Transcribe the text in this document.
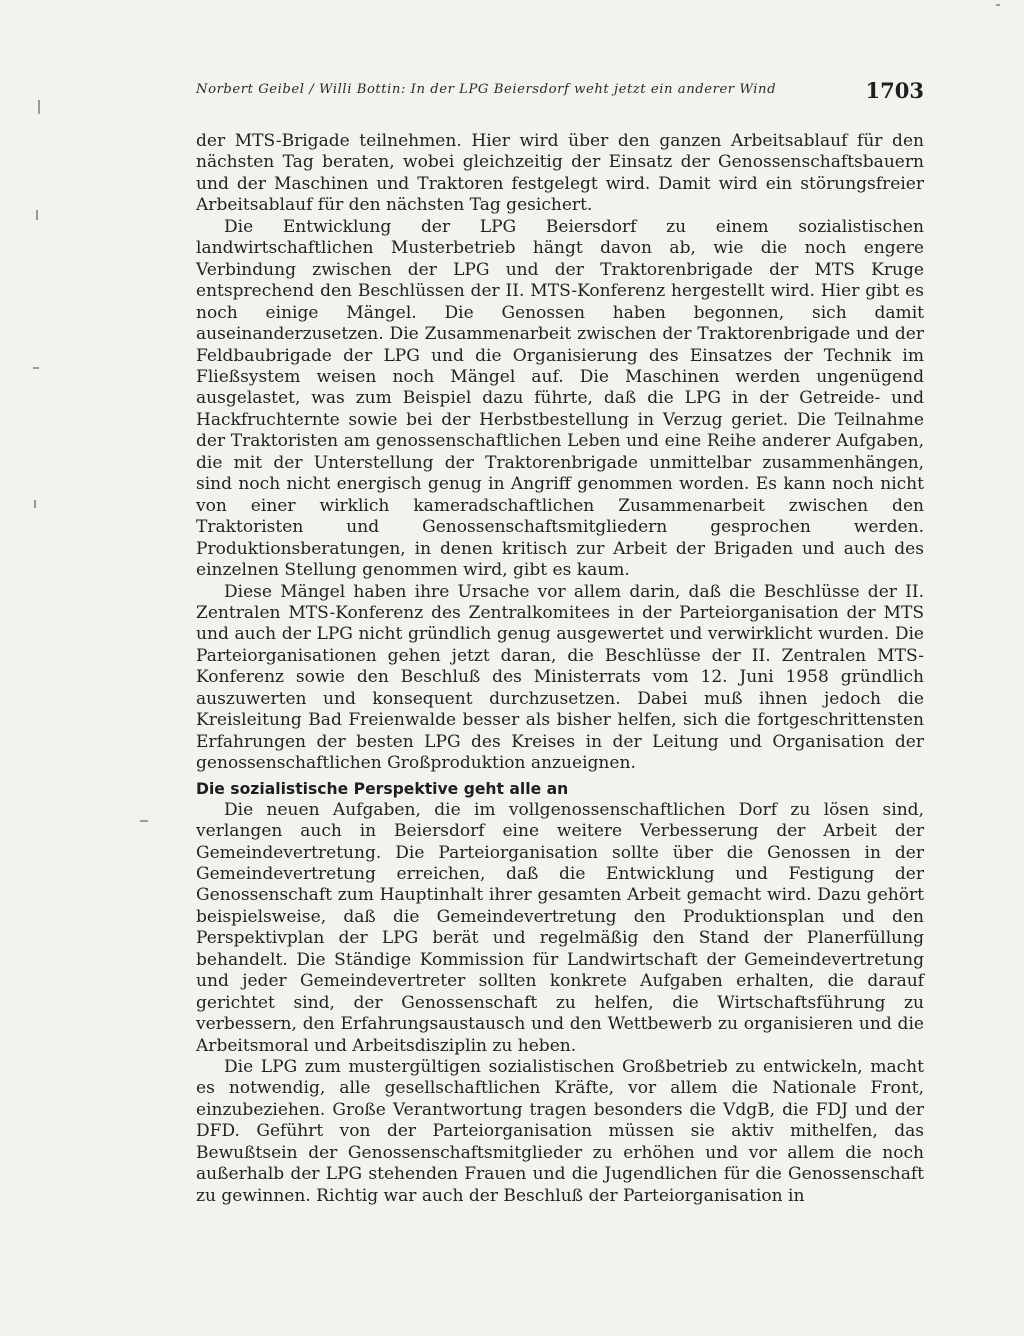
Norbert Geibel / Willi Bottin: In der LPG Beiersdorf weht jetzt ein anderer Wind	1703

der MTS-Brigade teilnehmen. Hier wird über den ganzen Arbeitsablauf für den nächsten Tag beraten, wobei gleichzeitig der Einsatz der Genossenschaftsbauern und der Maschinen und Traktoren festgelegt wird. Damit wird ein störungsfreier Arbeitsablauf für den nächsten Tag gesichert.

Die Entwicklung der LPG Beiersdorf zu einem sozialistischen landwirtschaftlichen Musterbetrieb hängt davon ab, wie die noch engere Verbindung zwischen der LPG und der Traktorenbrigade der MTS Kruge entsprechend den Beschlüssen der II. MTS-Konferenz hergestellt wird. Hier gibt es noch einige Mängel. Die Genossen haben begonnen, sich damit auseinanderzusetzen. Die Zusammenarbeit zwischen der Traktorenbrigade und der Feldbaubrigade der LPG und die Organisierung des Einsatzes der Technik im Fließsystem weisen noch Mängel auf. Die Maschinen werden ungenügend ausgelastet, was zum Beispiel dazu führte, daß die LPG in der Getreide- und Hackfruchternte sowie bei der Herbstbestellung in Verzug geriet. Die Teilnahme der Traktoristen am genossenschaftlichen Leben und eine Reihe anderer Aufgaben, die mit der Unterstellung der Traktorenbrigade unmittelbar zusammenhängen, sind noch nicht energisch genug in Angriff genommen worden. Es kann noch nicht von einer wirklich kameradschaftlichen Zusammenarbeit zwischen den Traktoristen und Genossenschaftsmitgliedern gesprochen werden. Produktionsberatungen, in denen kritisch zur Arbeit der Brigaden und auch des einzelnen Stellung genommen wird, gibt es kaum.

Diese Mängel haben ihre Ursache vor allem darin, daß die Beschlüsse der II. Zentralen MTS-Konferenz des Zentralkomitees in der Parteiorganisation der MTS und auch der LPG nicht gründlich genug ausgewertet und verwirklicht wurden. Die Parteiorganisationen gehen jetzt daran, die Beschlüsse der II. Zentralen MTS-Konferenz sowie den Beschluß des Ministerrats vom 12. Juni 1958 gründlich auszuwerten und konsequent durchzusetzen. Dabei muß ihnen jedoch die Kreisleitung Bad Freienwalde besser als bisher helfen, sich die fortgeschrittensten Erfahrungen der besten LPG des Kreises in der Leitung und Organisation der genossenschaftlichen Großproduktion anzueignen.

Die sozialistische Perspektive geht alle an

Die neuen Aufgaben, die im vollgenossenschaftlichen Dorf zu lösen sind, verlangen auch in Beiersdorf eine weitere Verbesserung der Arbeit der Gemeindevertretung. Die Parteiorganisation sollte über die Genossen in der Gemeindevertretung erreichen, daß die Entwicklung und Festigung der Genossenschaft zum Hauptinhalt ihrer gesamten Arbeit gemacht wird. Dazu gehört beispielsweise, daß die Gemeindevertretung den Produktionsplan und den Perspektivplan der LPG berät und regelmäßig den Stand der Planerfüllung behandelt. Die Ständige Kommission für Landwirtschaft der Gemeindevertretung und jeder Gemeindevertreter sollten konkrete Aufgaben erhalten, die darauf gerichtet sind, der Genossenschaft zu helfen, die Wirtschaftsführung zu verbessern, den Erfahrungsaustausch und den Wettbewerb zu organisieren und die Arbeitsmoral und Arbeitsdisziplin zu heben.

Die LPG zum mustergültigen sozialistischen Großbetrieb zu entwickeln, macht es notwendig, alle gesellschaftlichen Kräfte, vor allem die Nationale Front, einzubeziehen. Große Verantwortung tragen besonders die VdgB, die FDJ und der DFD. Geführt von der Parteiorganisation müssen sie aktiv mithelfen, das Bewußtsein der Genossenschaftsmitglieder zu erhöhen und vor allem die noch außerhalb der LPG stehenden Frauen und die Jugendlichen für die Genossenschaft zu gewinnen. Richtig war auch der Beschluß der Parteiorganisation in
